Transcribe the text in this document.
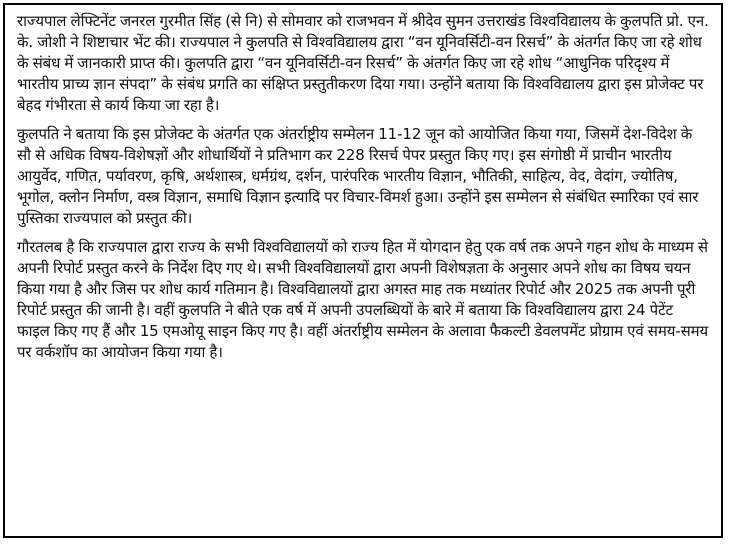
राज्यपाल लेफ्टिनेंट जनरल गुरमीत सिंह (से नि) से सोमवार को राजभवन में श्रीदेव सुमन उत्तराखंड विश्वविद्यालय के कुलपति प्रो. एन. के. जोशी ने शिष्टाचार भेंट की। राज्यपाल ने कुलपति से विश्वविद्यालय द्वारा “वन यूनिवर्सिटी-वन रिसर्च” के अंतर्गत किए जा रहे शोध के संबंध में जानकारी प्राप्त की। कुलपति द्वारा “वन यूनिवर्सिटी-वन रिसर्च” के अंतर्गत किए जा रहे शोध “आधुनिक परिदृश्य में भारतीय प्राच्य ज्ञान संपदा” के संबंध प्रगति का संक्षिप्त प्रस्तुतीकरण दिया गया। उन्होंने बताया कि विश्वविद्यालय द्वारा इस प्रोजेक्ट पर बेहद गंभीरता से कार्य किया जा रहा है।

कुलपति ने बताया कि इस प्रोजेक्ट के अंतर्गत एक अंतर्राष्ट्रीय सम्मेलन 11-12 जून को आयोजित किया गया, जिसमें देश-विदेश के सौ से अधिक विषय-विशेषज्ञों और शोधार्थियों ने प्रतिभाग कर 228 रिसर्च पेपर प्रस्तुत किए गए। इस संगोष्ठी में प्राचीन भारतीय आयुर्वेद, गणित, पर्यावरण, कृषि, अर्थशास्त्र, धर्मग्रंथ, दर्शन, पारंपरिक भारतीय विज्ञान, भौतिकी, साहित्य, वेद, वेदांग, ज्योतिष, भूगोल, क्लोन निर्माण, वस्त्र विज्ञान, समाधि विज्ञान इत्यादि पर विचार-विमर्श हुआ। उन्होंने इस सम्मेलन से संबंधित स्मारिका एवं सार पुस्तिका राज्यपाल को प्रस्तुत की।

गौरतलब है कि राज्यपाल द्वारा राज्य के सभी विश्वविद्यालयों को राज्य हित में योगदान हेतु एक वर्ष तक अपने गहन शोध के माध्यम से अपनी रिपोर्ट प्रस्तुत करने के निर्देश दिए गए थे। सभी विश्वविद्यालयों द्वारा अपनी विशेषज्ञता के अनुसार अपने शोध का विषय चयन किया गया है और जिस पर शोध कार्य गतिमान है। विश्वविद्यालयों द्वारा अगस्त माह तक मध्यांतर रिपोर्ट और 2025 तक अपनी पूरी रिपोर्ट प्रस्तुत की जानी है। वहीं कुलपति ने बीते एक वर्ष में अपनी उपलब्धियों के बारे में बताया कि विश्वविद्यालय द्वारा 24 पेटेंट फाइल किए गए हैं और 15 एमओयू साइन किए गए है। वहीं अंतर्राष्ट्रीय सम्मेलन के अलावा फैकल्टी डेवलपमेंट प्रोग्राम एवं समय-समय पर वर्कशॉप का आयोजन किया गया है।
